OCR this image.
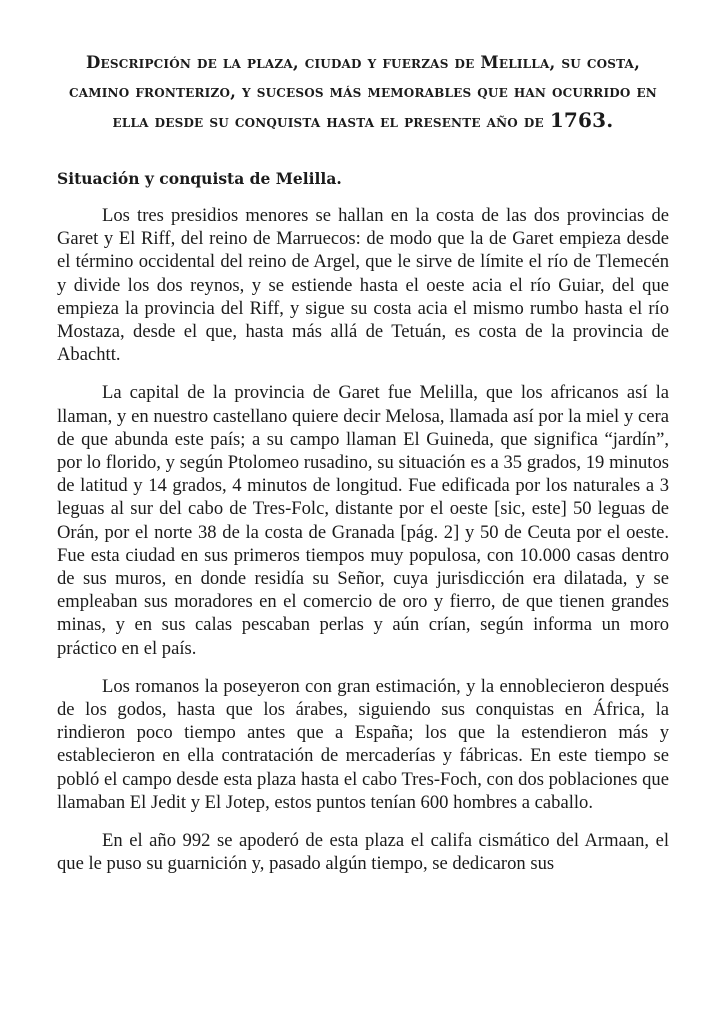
Descripción de la plaza, ciudad y fuerzas de Melilla, su costa, camino fronterizo, y sucesos más memorables que han ocurrido en ella desde su conquista hasta el presente año de 1763.
Situación y conquista de Melilla.

Los tres presidios menores se hallan en la costa de las dos provincias de Garet y El Riff, del reino de Marruecos: de modo que la de Garet empieza desde el término occidental del reino de Argel, que le sirve de límite el río de Tlemecén y divide los dos reynos, y se estiende hasta el oeste acia el río Guiar, del que empieza la provincia del Riff, y sigue su costa acia el mismo rumbo hasta el río Mostaza, desde el que, hasta más allá de Tetuán, es costa de la provincia de Abachtt.

La capital de la provincia de Garet fue Melilla, que los africanos así la llaman, y en nuestro castellano quiere decir Melosa, llamada así por la miel y cera de que abunda este país; a su campo llaman El Guineda, que significa “jardín”, por lo florido, y según Ptolomeo rusadino, su situación es a 35 grados, 19 minutos de latitud y 14 grados, 4 minutos de longitud. Fue edificada por los naturales a 3 leguas al sur del cabo de Tres-Folc, distante por el oeste [sic, este] 50 leguas de Orán, por el norte 38 de la costa de Granada [pág. 2] y 50 de Ceuta por el oeste. Fue esta ciudad en sus primeros tiempos muy populosa, con 10.000 casas dentro de sus muros, en donde residía su Señor, cuya jurisdicción era dilatada, y se empleaban sus moradores en el comercio de oro y fierro, de que tienen grandes minas, y en sus calas pescaban perlas y aún crían, según informa un moro práctico en el país.

Los romanos la poseyeron con gran estimación, y la ennoblecieron después de los godos, hasta que los árabes, siguiendo sus conquistas en África, la rindieron poco tiempo antes que a España; los que la estendieron más y establecieron en ella contratación de mercaderías y fábricas. En este tiempo se pobló el campo desde esta plaza hasta el cabo Tres-Foch, con dos poblaciones que llamaban El Jedit y El Jotep, estos puntos tenían 600 hombres a caballo.

En el año 992 se apoderó de esta plaza el califa cismático del Armaan, el que le puso su guarnición y, pasado algún tiempo, se dedicaron sus
